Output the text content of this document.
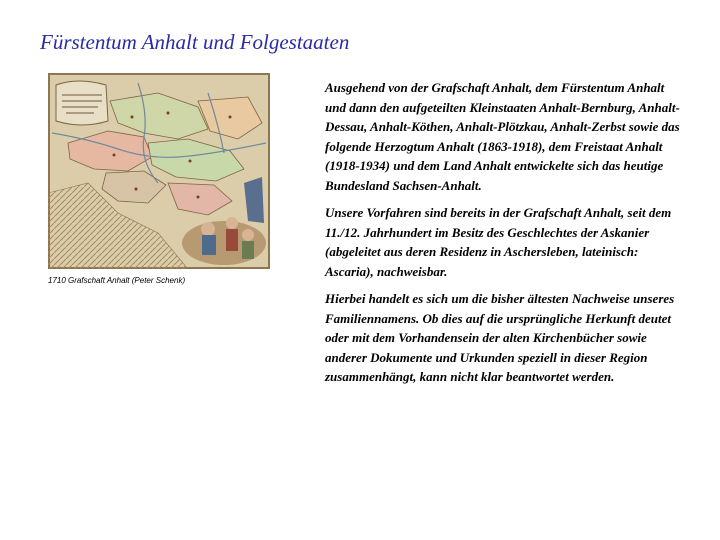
Fürstentum Anhalt und Folgestaaten
1710 Grafschaft Anhalt (Peter Schenk)

Ausgehend von der Grafschaft Anhalt, dem Fürstentum Anhalt und dann den aufgeteilten Kleinstaaten Anhalt-Bernburg, Anhalt-Dessau, Anhalt-Köthen, Anhalt-Plötzkau, Anhalt-Zerbst sowie das folgende Herzogtum Anhalt (1863-1918), dem Freistaat Anhalt (1918-1934) und dem Land Anhalt entwickelte sich das heutige Bundesland Sachsen-Anhalt.

Unsere Vorfahren sind bereits in der Grafschaft Anhalt, seit dem 11./12. Jahrhundert im Besitz des Geschlechtes der Askanier (abgeleitet aus deren Residenz in Aschersleben, lateinisch: Ascaria), nachweisbar.

Hierbei handelt es sich um die bisher ältesten Nachweise unseres Familiennamens. Ob dies auf die ursprüngliche Herkunft deutet oder mit dem Vorhandensein der alten Kirchenbücher sowie anderer Dokumente und Urkunden speziell in dieser Region zusammenhängt, kann nicht klar beantwortet werden.
